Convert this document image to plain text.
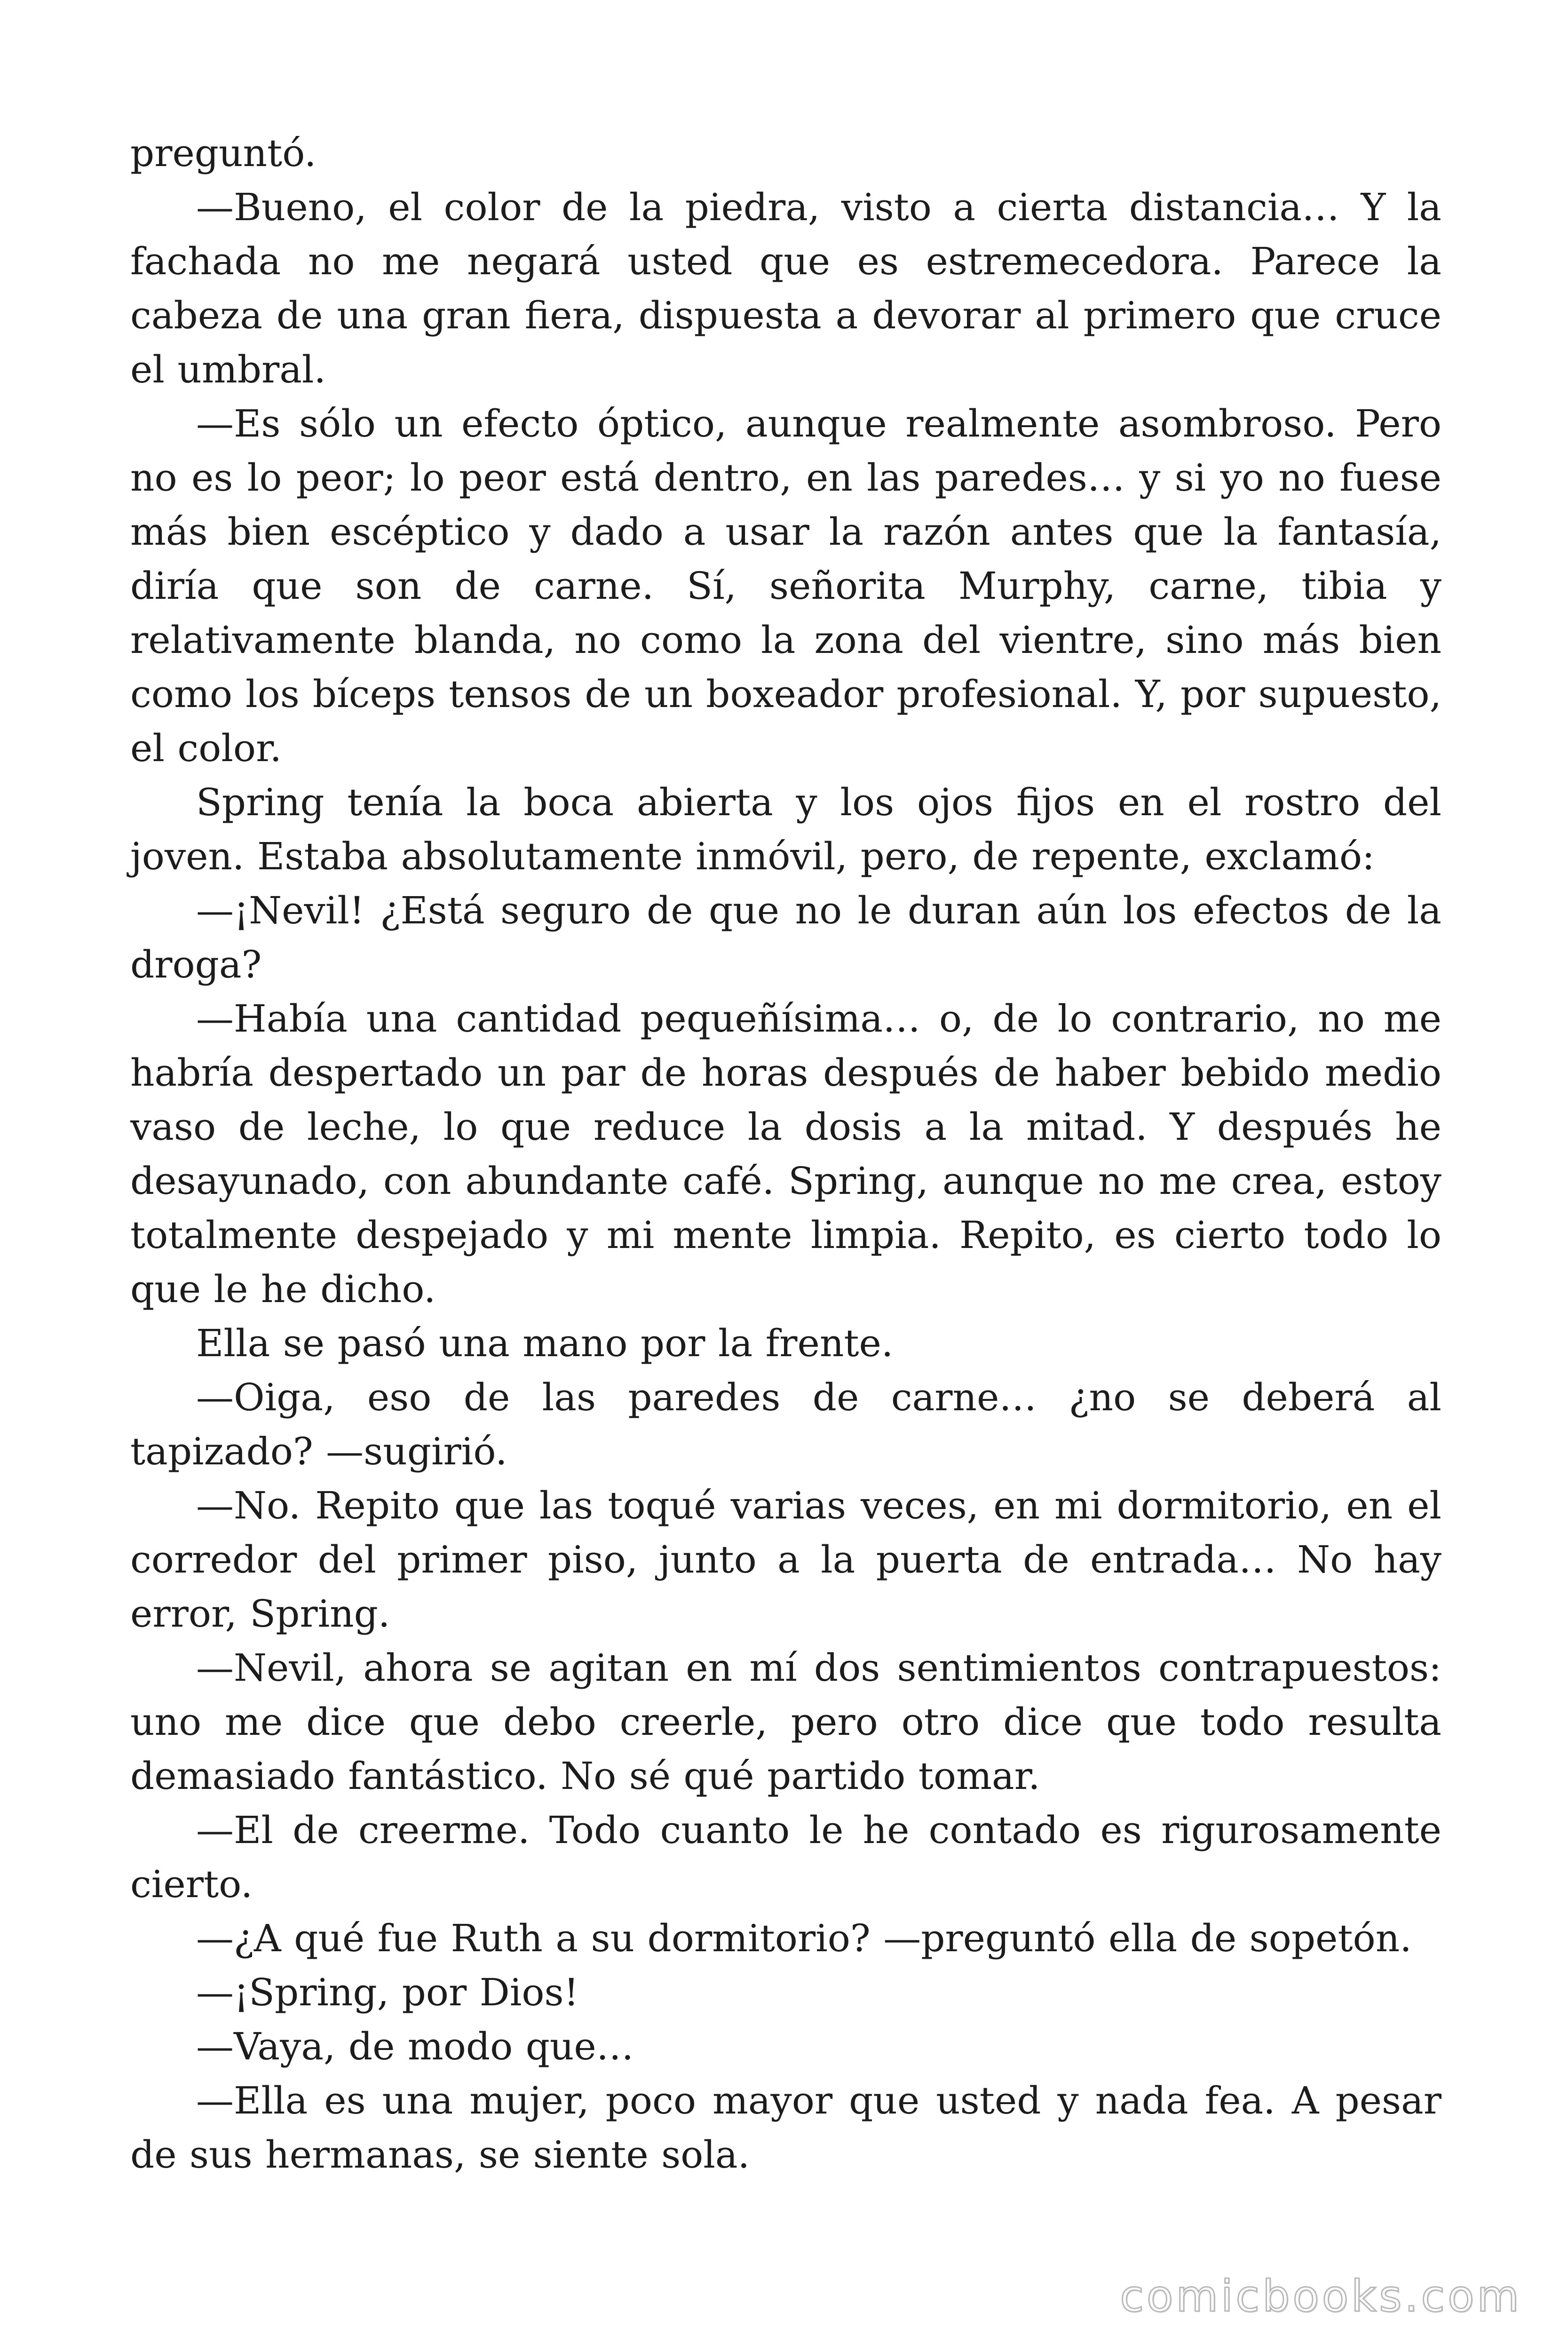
preguntó.

—Bueno, el color de la piedra, visto a cierta distancia… Y la fachada no me negará usted que es estremecedora. Parece la cabeza de una gran fiera, dispuesta a devorar al primero que cruce el umbral.

—Es sólo un efecto óptico, aunque realmente asombroso. Pero no es lo peor; lo peor está dentro, en las paredes… y si yo no fuese más bien escéptico y dado a usar la razón antes que la fantasía, diría que son de carne. Sí, señorita Murphy, carne, tibia y relativamente blanda, no como la zona del vientre, sino más bien como los bíceps tensos de un boxeador profesional. Y, por supuesto, el color.

Spring tenía la boca abierta y los ojos fijos en el rostro del joven. Estaba absolutamente inmóvil, pero, de repente, exclamó:

—¡Nevil! ¿Está seguro de que no le duran aún los efectos de la droga?

—Había una cantidad pequeñísima… o, de lo contrario, no me habría despertado un par de horas después de haber bebido medio vaso de leche, lo que reduce la dosis a la mitad. Y después he desayunado, con abundante café. Spring, aunque no me crea, estoy totalmente despejado y mi mente limpia. Repito, es cierto todo lo que le he dicho.

Ella se pasó una mano por la frente.

—Oiga, eso de las paredes de carne… ¿no se deberá al tapizado? —sugirió.

—No. Repito que las toqué varias veces, en mi dormitorio, en el corredor del primer piso, junto a la puerta de entrada… No hay error, Spring.

—Nevil, ahora se agitan en mí dos sentimientos contrapuestos: uno me dice que debo creerle, pero otro dice que todo resulta demasiado fantástico. No sé qué partido tomar.

—El de creerme. Todo cuanto le he contado es rigurosamente cierto.

—¿A qué fue Ruth a su dormitorio? —preguntó ella de sopetón.

—¡Spring, por Dios!

—Vaya, de modo que…

—Ella es una mujer, poco mayor que usted y nada fea. A pesar de sus hermanas, se siente sola.

comicbooks.com
